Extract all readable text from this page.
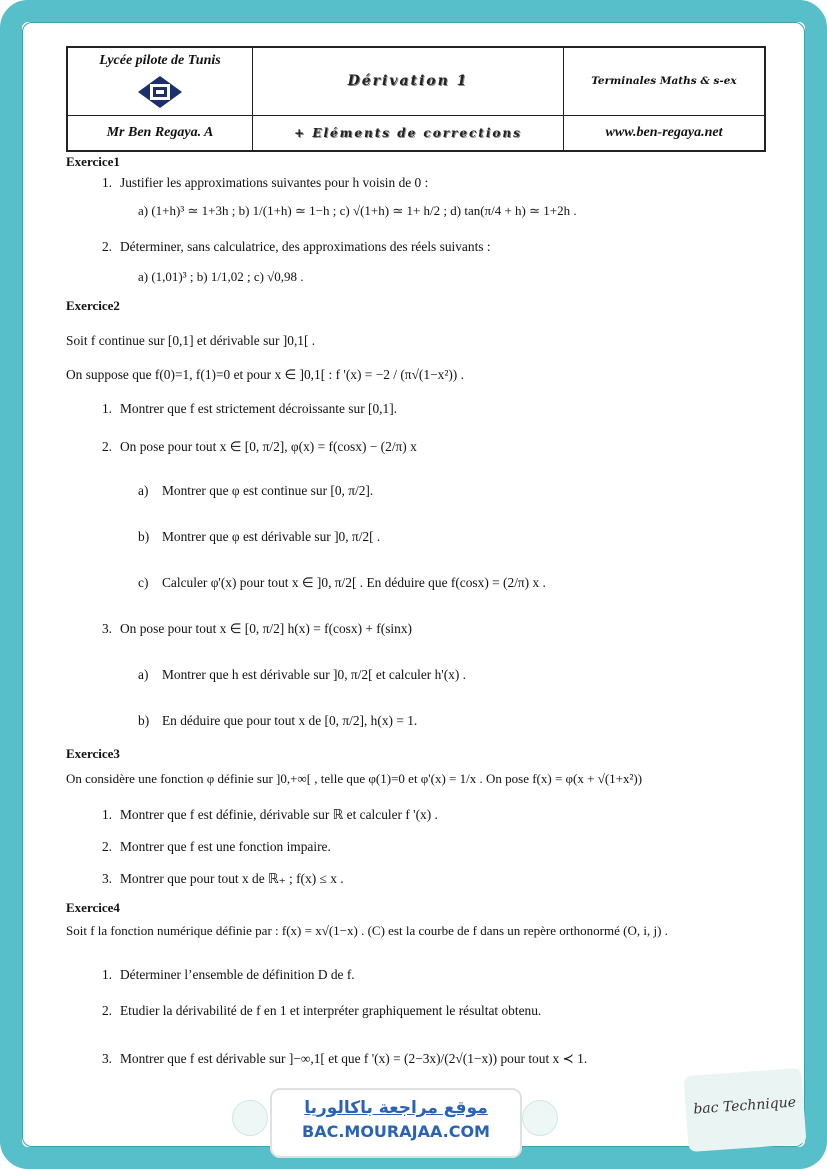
Lycée pilote de Tunis	Dérivation 1	Terminales Maths & s-ex

Mr Ben Regaya. A	+ Eléments de corrections	www.ben-regaya.net
Exercice1
1. Justifier les approximations suivantes pour h voisin de 0 :
a) (1+h)³ ≃ 1+3h ; b) 1/(1+h) ≃ 1−h ; c) √(1+h) ≃ 1+ h/2 ; d) tan(π/4 + h) ≃ 1+2h .
2. Déterminer, sans calculatrice, des approximations des réels suivants :
a) (1,01)³ ; b) 1/1,02 ; c) √0,98 .
Exercice2
Soit f continue sur [0,1] et dérivable sur ]0,1[ .
On suppose que f(0)=1, f(1)=0 et pour x ∈ ]0,1[ : f '(x) = −2 / (π√(1−x²)) .
1. Montrer que f est strictement décroissante sur [0,1].
2. On pose pour tout x ∈ [0, π/2], φ(x) = f(cosx) − (2/π) x
a) Montrer que φ est continue sur [0, π/2].
b) Montrer que φ est dérivable sur ]0, π/2[ .
c) Calculer φ'(x) pour tout x ∈ ]0, π/2[ . En déduire que f(cosx) = (2/π) x .
3. On pose pour tout x ∈ [0, π/2] h(x) = f(cosx) + f(sinx)
a) Montrer que h est dérivable sur ]0, π/2[ et calculer h'(x) .
b) En déduire que pour tout x de [0, π/2], h(x) = 1.
Exercice3
On considère une fonction φ définie sur ]0,+∞[ , telle que φ(1)=0 et φ'(x) = 1/x . On pose f(x) = φ(x + √(1+x²))
1. Montrer que f est définie, dérivable sur ℝ et calculer f '(x) .
2. Montrer que f est une fonction impaire.
3. Montrer que pour tout x de ℝ₊ ; f(x) ≤ x .
Exercice4
Soit f la fonction numérique définie par : f(x) = x√(1−x) . (C) est la courbe de f dans un repère orthonormé (O, i, j) .
1. Déterminer l’ensemble de définition D de f.
2. Etudier la dérivabilité de f en 1 et interpréter graphiquement le résultat obtenu.
3. Montrer que f est dérivable sur ]−∞,1[ et que f '(x) = (2−3x)/(2√(1−x)) pour tout x ≺ 1.
موقع مراجعة باكالوريا
BAC.MOURAJAA.COM
bac Technique
